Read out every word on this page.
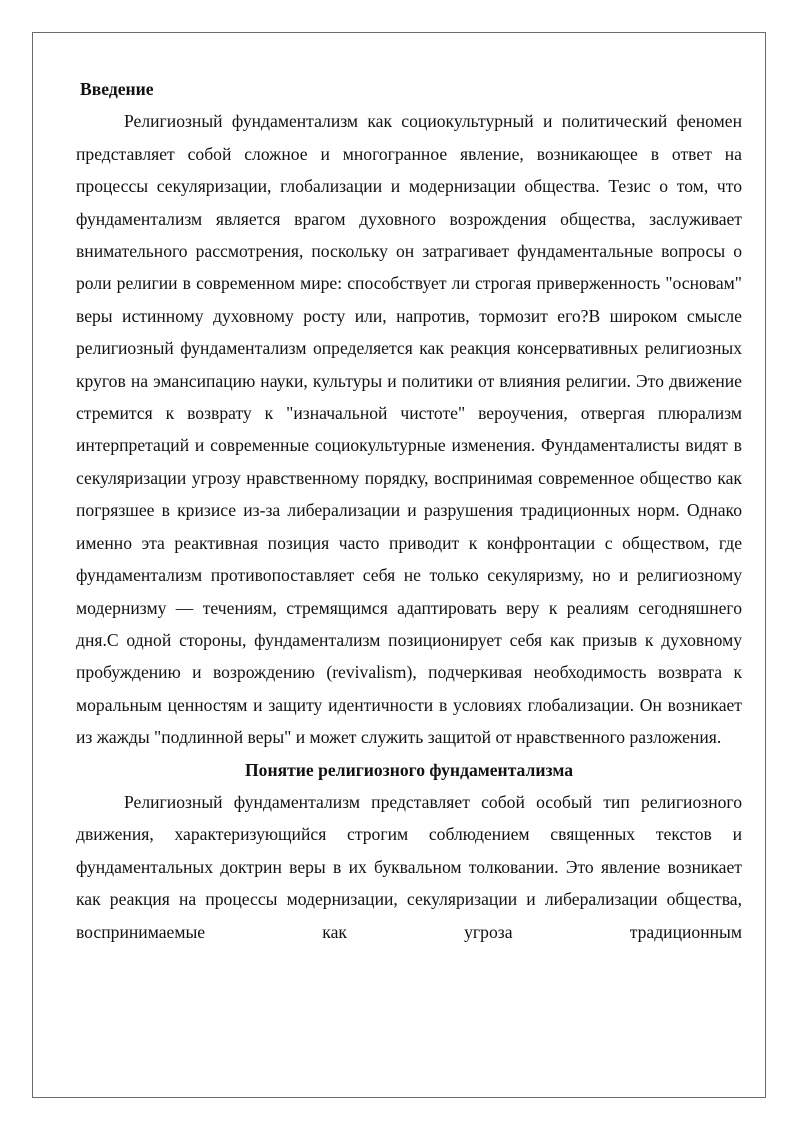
Введение

Религиозный фундаментализм как социокультурный и политический феномен представляет собой сложное и многогранное явление, возникающее в ответ на процессы секуляризации, глобализации и модернизации общества. Тезис о том, что фундаментализм является врагом духовного возрождения общества, заслуживает внимательного рассмотрения, поскольку он затрагивает фундаментальные вопросы о роли религии в современном мире: способствует ли строгая приверженность "основам" веры истинному духовному росту или, напротив, тормозит его?В широком смысле религиозный фундаментализм определяется как реакция консервативных религиозных кругов на эмансипацию науки, культуры и политики от влияния религии. Это движение стремится к возврату к "изначальной чистоте" вероучения, отвергая плюрализм интерпретаций и современные социокультурные изменения. Фундаменталисты видят в секуляризации угрозу нравственному порядку, воспринимая современное общество как погрязшее в кризисе из-за либерализации и разрушения традиционных норм. Однако именно эта реактивная позиция часто приводит к конфронтации с обществом, где фундаментализм противопоставляет себя не только секуляризму, но и религиозному модернизму — течениям, стремящимся адаптировать веру к реалиям сегодняшнего дня.С одной стороны, фундаментализм позиционирует себя как призыв к духовному пробуждению и возрождению (revivalism), подчеркивая необходимость возврата к моральным ценностям и защиту идентичности в условиях глобализации. Он возникает из жажды "подлинной веры" и может служить защитой от нравственного разложения.

Понятие религиозного фундаментализма

Религиозный фундаментализм представляет собой особый тип религиозного движения, характеризующийся строгим соблюдением священных текстов и фундаментальных доктрин веры в их буквальном толковании. Это явление возникает как реакция на процессы модернизации, секуляризации и либерализации общества, воспринимаемые как угроза традиционным
